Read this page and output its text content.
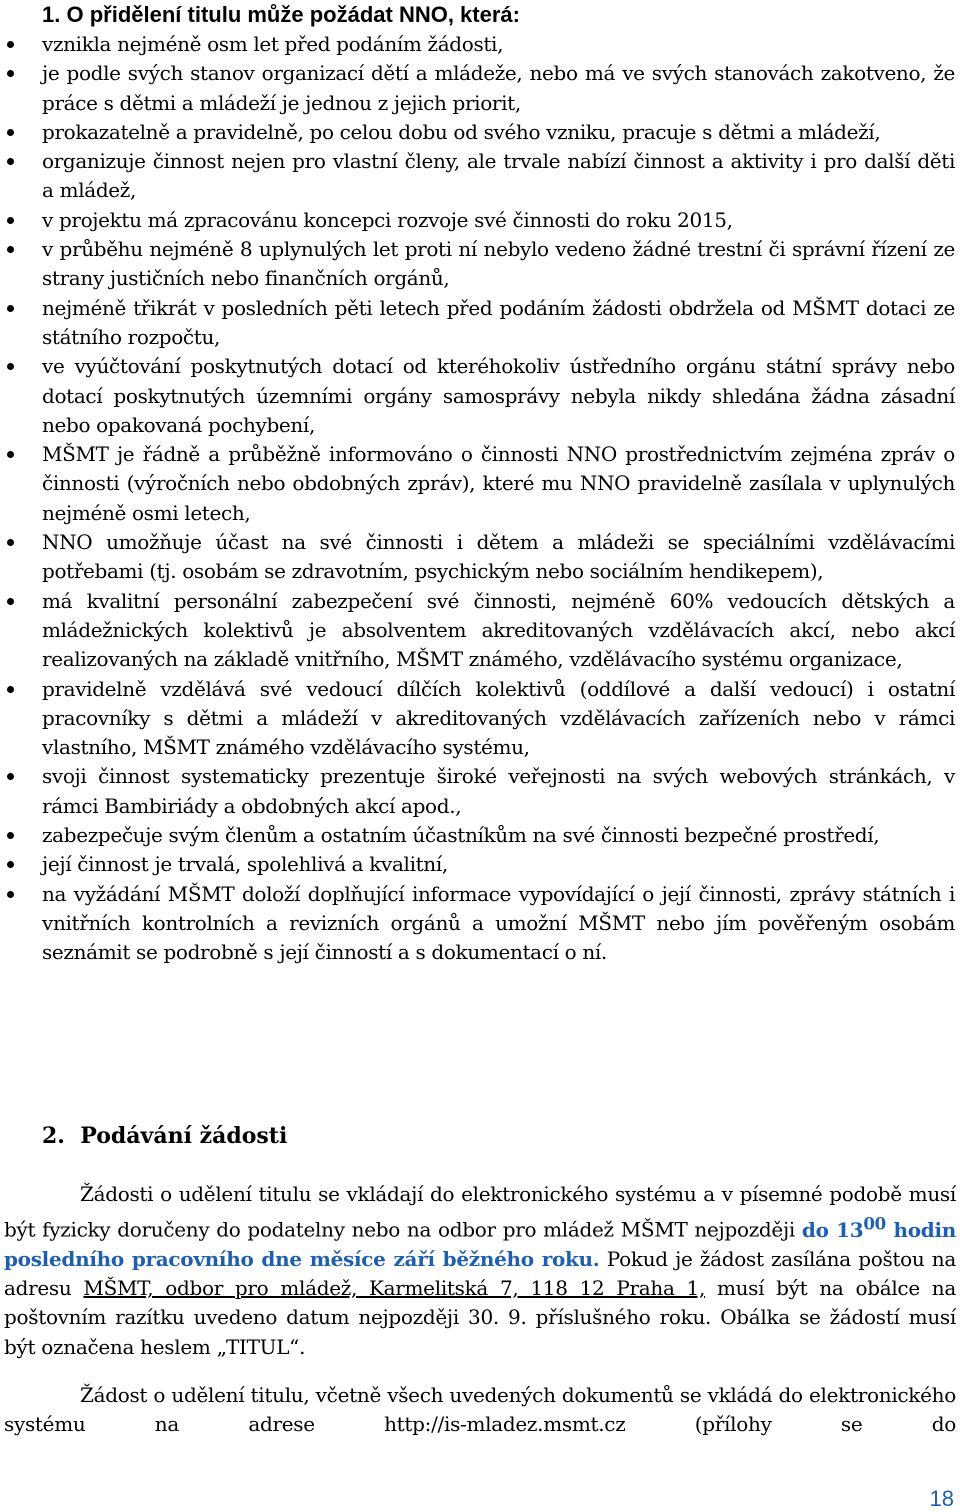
1. O přidělení titulu může požádat NNO, která:
vznikla nejméně osm let před podáním žádosti,
je podle svých stanov organizací dětí a mládeže, nebo má ve svých stanovách zakotveno, že práce s dětmi a mládeží je jednou z jejich priorit,
prokazatelně a pravidelně, po celou dobu od svého vzniku, pracuje s dětmi a mládeží,
organizuje činnost nejen pro vlastní členy, ale trvale nabízí činnost a aktivity i pro další děti a mládež,
v projektu má zpracovánu koncepci rozvoje své činnosti do roku 2015,
v průběhu nejméně 8 uplynulých let proti ní nebylo vedeno žádné trestní či správní řízení ze strany justičních nebo finančních orgánů,
nejméně třikrát v posledních pěti letech před podáním žádosti obdržela od MŠMT dotaci ze státního rozpočtu,
ve vyúčtování poskytnutých dotací od kteréhokoliv ústředního orgánu státní správy nebo dotací poskytnutých územními orgány samosprávy nebyla nikdy shledána žádna zásadní nebo opakovaná pochybení,
MŠMT je řádně a průběžně informováno o činnosti NNO prostřednictvím zejména zpráv o činnosti (výročních nebo obdobných zpráv), které mu NNO pravidelně zasílala v uplynulých nejméně osmi letech,
NNO umožňuje účast na své činnosti i dětem a mládeži se speciálními vzdělávacími potřebami (tj. osobám se zdravotním, psychickým nebo sociálním hendikepem),
má kvalitní personální zabezpečení své činnosti, nejméně 60% vedoucích dětských a mládežnických kolektivů je absolventem akreditovaných vzdělávacích akcí, nebo akcí realizovaných na základě vnitřního, MŠMT známého, vzdělávacího systému organizace,
pravidelně vzdělává své vedoucí dílčích kolektivů (oddílové a další vedoucí) i ostatní pracovníky s dětmi a mládeží v akreditovaných vzdělávacích zařízeních nebo v rámci vlastního, MŠMT známého vzdělávacího systému,
svoji činnost systematicky prezentuje široké veřejnosti na svých webových stránkách, v rámci Bambiriády a obdobných akcí apod.,
zabezpečuje svým členům a ostatním účastníkům na své činnosti bezpečné prostředí,
její činnost je trvalá, spolehlivá a kvalitní,
na vyžádání MŠMT doloží doplňující informace vypovídající o její činnosti, zprávy státních i vnitřních kontrolních a revizních orgánů a umožní MŠMT nebo jím pověřeným osobám seznámit se podrobně s její činností a s dokumentací o ní.
2. Podávání žádosti
Žádosti o udělení titulu se vkládají do elektronického systému a v písemné podobě musí být fyzicky doručeny do podatelny nebo na odbor pro mládež MŠMT nejpozději do $13^{00}$ hodin posledního pracovního dne měsíce září běžného roku. Pokud je žádost zasílána poštou na adresu MŠMT, odbor pro mládež, Karmelitská 7, 118 12 Praha 1, musí být na obálce na poštovním razítku uvedeno datum nejpozději 30. 9. příslušného roku. Obálka se žádostí musí být označena heslem „TITUL“.
Žádost o udělení titulu, včetně všech uvedených dokumentů se vkládá do elektronického systému na adrese http://is-mladez.msmt.cz (přílohy se do
18
